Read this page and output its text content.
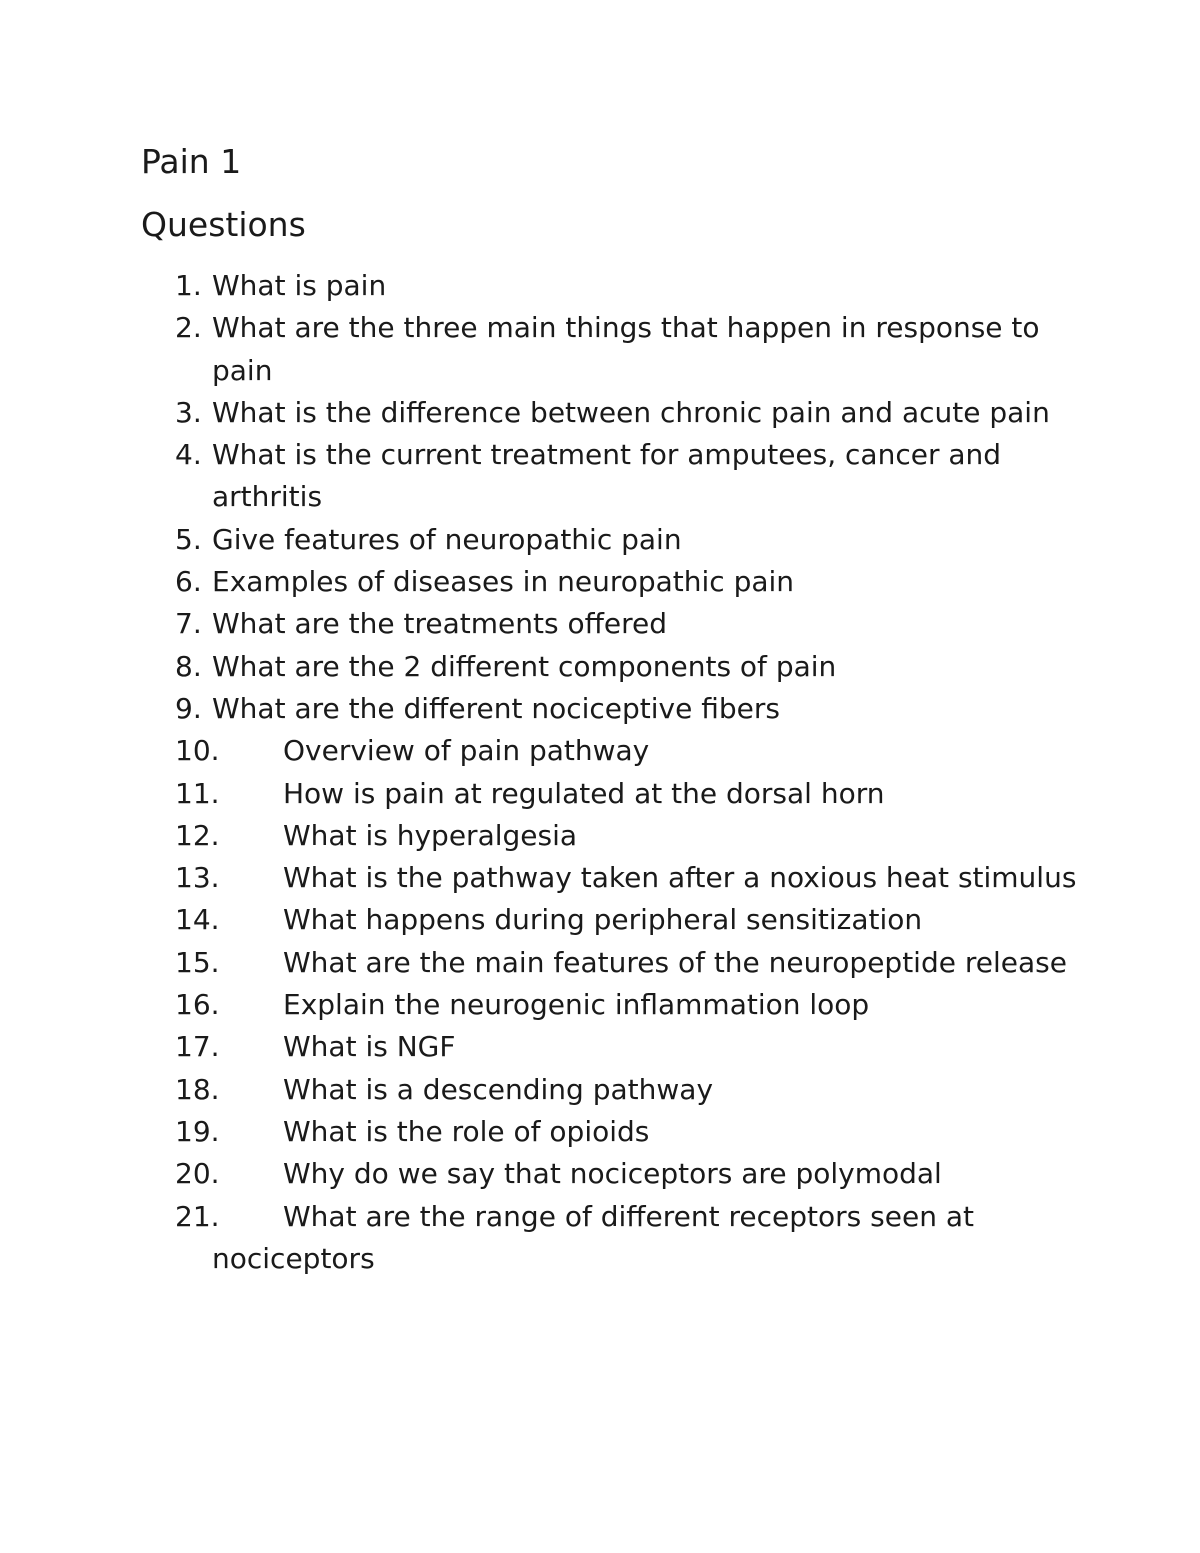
Pain 1
Questions
1. What is pain
2. What are the three main things that happen in response to pain
3. What is the difference between chronic pain and acute pain
4. What is the current treatment for amputees, cancer and arthritis
5. Give features of neuropathic pain
6. Examples of diseases in neuropathic pain
7. What are the treatments offered
8. What are the 2 different components of pain
9. What are the different nociceptive fibers
10. Overview of pain pathway
11. How is pain at regulated at the dorsal horn
12. What is hyperalgesia
13. What is the pathway taken after a noxious heat stimulus
14. What happens during peripheral sensitization
15. What are the main features of the neuropeptide release
16. Explain the neurogenic inflammation loop
17. What is NGF
18. What is a descending pathway
19. What is the role of opioids
20. Why do we say that nociceptors are polymodal
21. What are the range of different receptors seen at nociceptors
